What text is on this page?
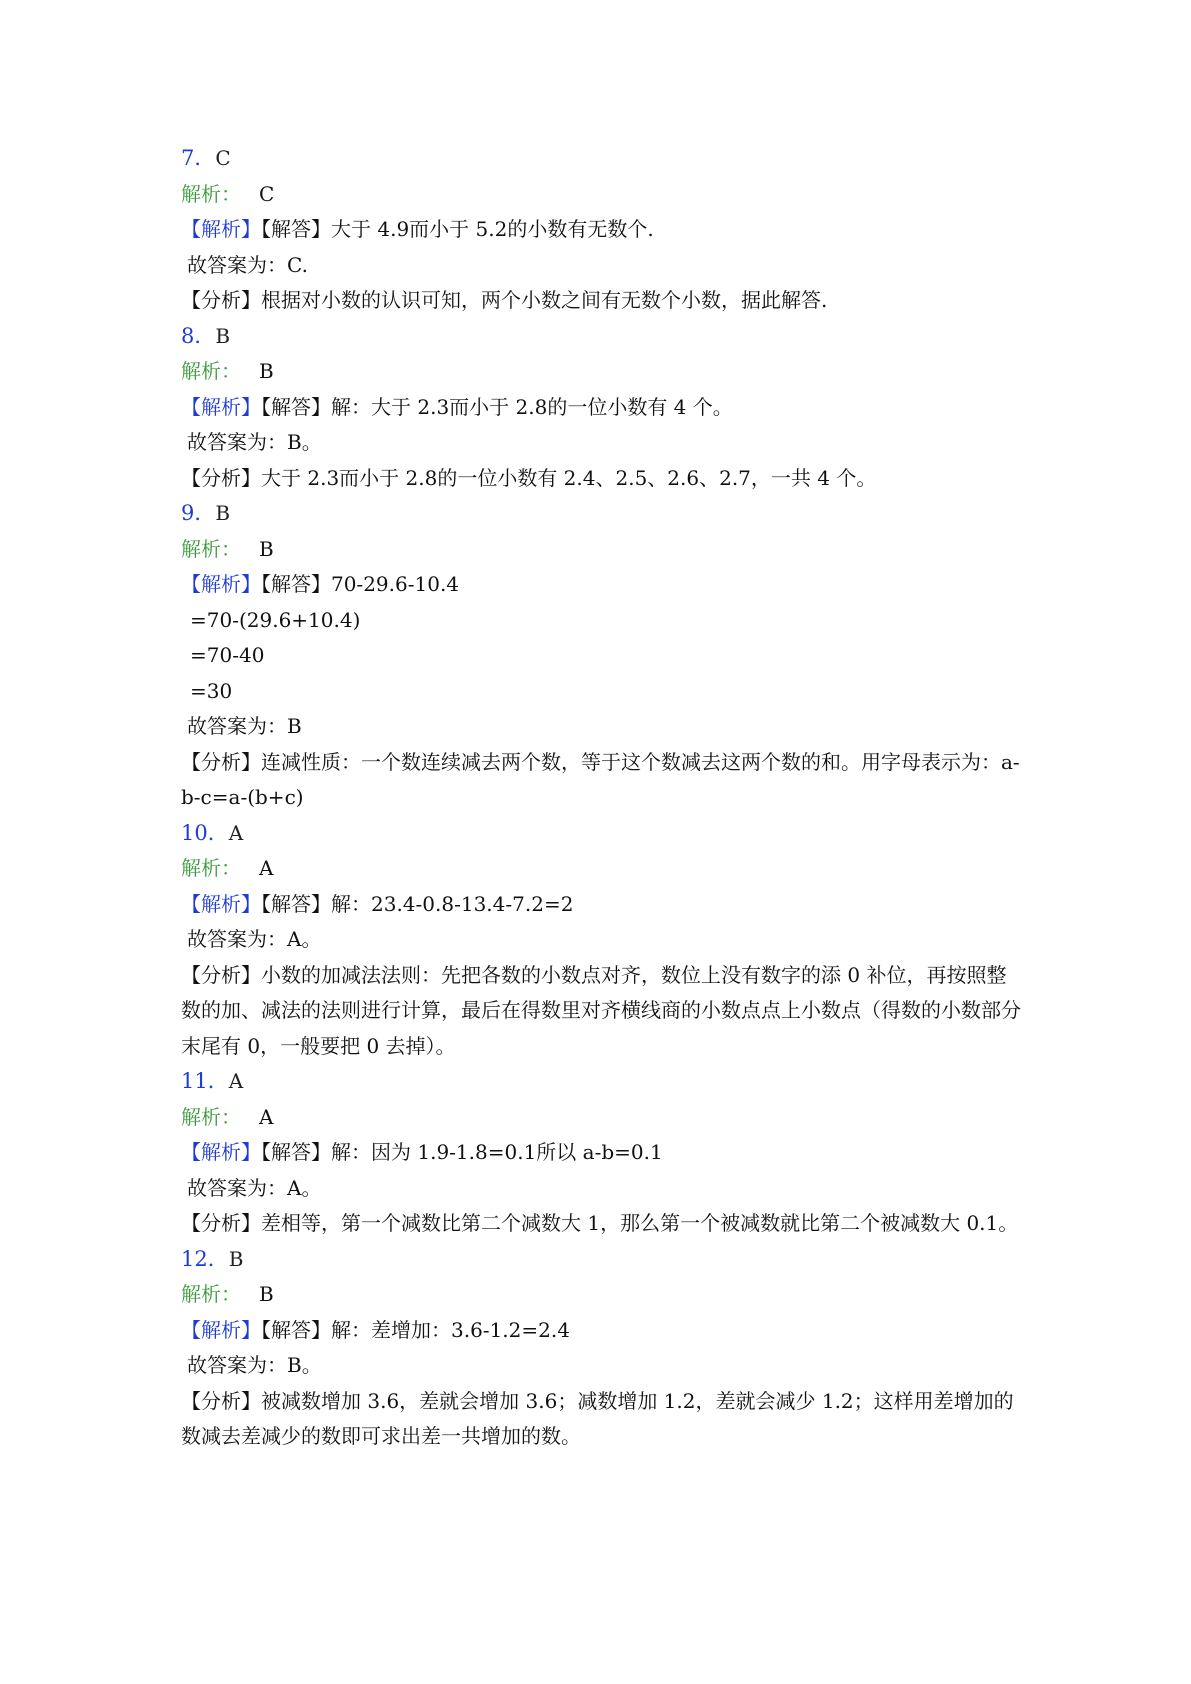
7．C
解析： C
【解析】【解答】大于 4.9而小于 5.2的小数有无数个.
故答案为：C.
【分析】根据对小数的认识可知，两个小数之间有无数个小数，据此解答.
8．B
解析： B
【解析】【解答】解：大于 2.3而小于 2.8的一位小数有 4 个。
故答案为：B。
【分析】大于 2.3而小于 2.8的一位小数有 2.4、2.5、2.6、2.7，一共 4 个。
9．B
解析： B
【解析】【解答】70-29.6-10.4
=70-(29.6+10.4)
=70-40
=30
故答案为：B
【分析】连减性质：一个数连续减去两个数，等于这个数减去这两个数的和。用字母表示为：a-b-c=a-(b+c)
10．A
解析： A
【解析】【解答】解：23.4-0.8-13.4-7.2=2
故答案为：A。
【分析】小数的加减法法则：先把各数的小数点对齐，数位上没有数字的添 0 补位，再按照整数的加、减法的法则进行计算，最后在得数里对齐横线商的小数点点上小数点（得数的小数部分末尾有 0，一般要把 0 去掉）。
11．A
解析： A
【解析】【解答】解：因为 1.9-1.8=0.1所以 a-b=0.1
故答案为：A。
【分析】差相等，第一个减数比第二个减数大 1，那么第一个被减数就比第二个被减数大 0.1。
12．B
解析： B
【解析】【解答】解：差增加：3.6-1.2=2.4
故答案为：B。
【分析】被减数增加 3.6，差就会增加 3.6；减数增加 1.2，差就会减少 1.2；这样用差增加的数减去差减少的数即可求出差一共增加的数。
